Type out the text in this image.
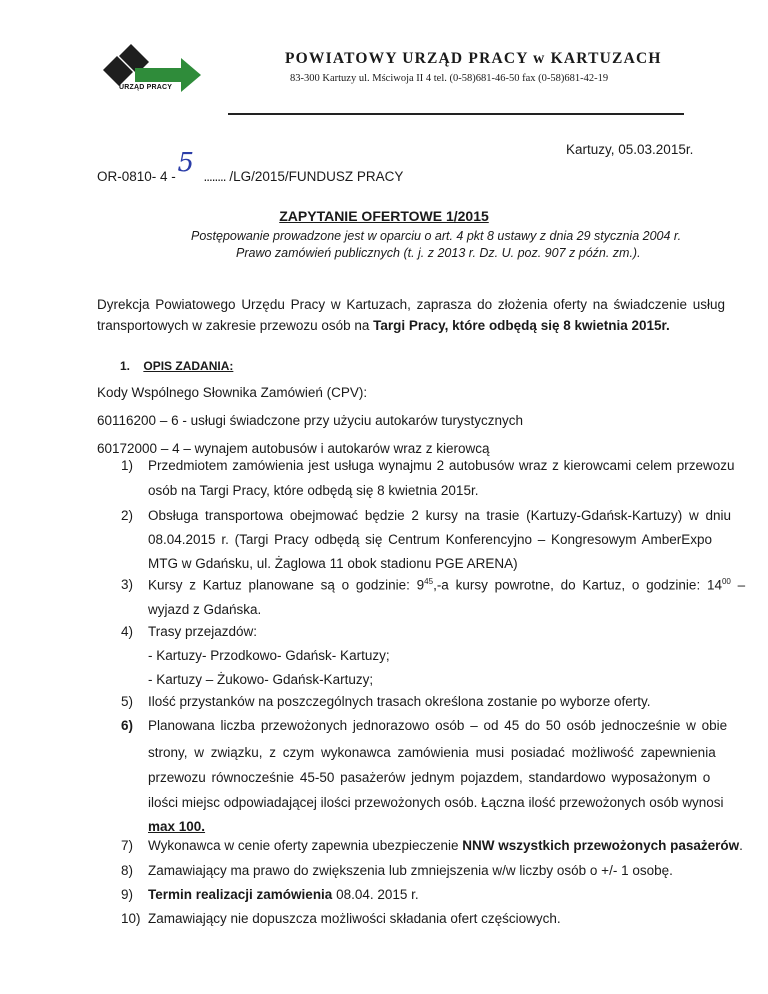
URZĄD PRACY
POWIATOWY URZĄD PRACY w KARTUZACH
83-300 Kartuzy ul. Mściwoja II 4 tel. (0-58)681-46-50 fax (0-58)681-42-19
Kartuzy, 05.03.2015r.
OR-0810- 4 - 5 ........ /LG/2015/FUNDUSZ PRACY
ZAPYTANIE OFERTOWE 1/2015
Postępowanie prowadzone jest w oparciu o art. 4 pkt 8 ustawy z dnia 29 stycznia 2004 r.
Prawo zamówień publicznych (t. j. z 2013 r. Dz. U. poz. 907 z późn. zm.).
Dyrekcja Powiatowego Urzędu Pracy w Kartuzach, zaprasza do złożenia oferty na świadczenie usług
transportowych w zakresie przewozu osób na Targi Pracy, które odbędą się 8 kwietnia 2015r.
1. OPIS ZADANIA:
Kody Wspólnego Słownika Zamówień (CPV):
60116200 – 6 - usługi świadczone przy użyciu autokarów turystycznych
60172000 – 4 – wynajem autobusów i autokarów wraz z kierowcą
1) Przedmiotem zamówienia jest usługa wynajmu 2 autobusów wraz z kierowcami celem przewozu
osób na Targi Pracy, które odbędą się 8 kwietnia 2015r.
2) Obsługa transportowa obejmować będzie 2 kursy na trasie (Kartuzy-Gdańsk-Kartuzy) w dniu
08.04.2015 r. (Targi Pracy odbędą się Centrum Konferencyjno – Kongresowym AmberExpo
MTG w Gdańsku, ul. Żaglowa 11 obok stadionu PGE ARENA)
3) Kursy z Kartuz planowane są o godzinie: $9^{45},-a$ kursy powrotne, do Kartuz, o godzinie: $14^{00}$ –
wyjazd z Gdańska.
4) Trasy przejazdów:
- Kartuzy- Przodkowo- Gdańsk- Kartuzy;
- Kartuzy – Żukowo- Gdańsk-Kartuzy;
5) Ilość przystanków na poszczególnych trasach określona zostanie po wyborze oferty.
6) Planowana liczba przewożonych jednorazowo osób – od 45 do 50 osób jednocześnie w obie
strony, w związku, z czym wykonawca zamówienia musi posiadać możliwość zapewnienia
przewozu równocześnie 45-50 pasażerów jednym pojazdem, standardowo wyposażonym o
ilości miejsc odpowiadającej ilości przewożonych osób. Łączna ilość przewożonych osób wynosi
max 100.
7) Wykonawca w cenie oferty zapewnia ubezpieczenie NNW wszystkich przewożonych pasażerów.
8) Zamawiający ma prawo do zwiększenia lub zmniejszenia w/w liczby osób o +/- 1 osobę.
9) Termin realizacji zamówienia 08.04. 2015 r.
10) Zamawiający nie dopuszcza możliwości składania ofert częściowych.
